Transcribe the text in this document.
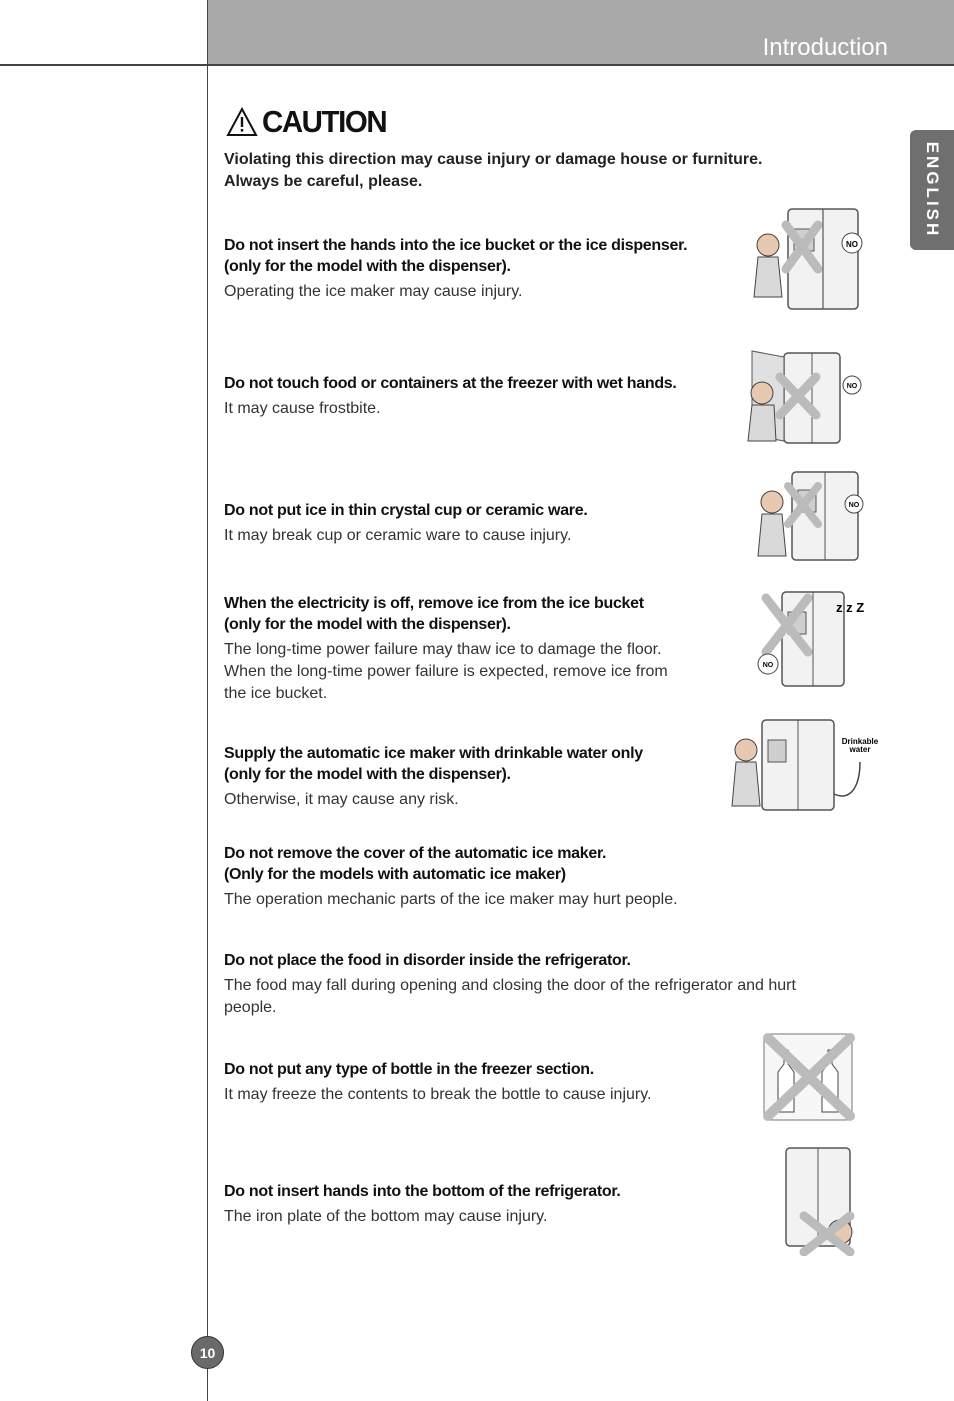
Introduction
ENGLISH
CAUTION
Violating this direction may cause injury or damage house or furniture.
Always be careful, please.
Do not insert the hands into the ice bucket or the ice dispenser.
(only for the model with the dispenser).
Operating the ice maker may cause injury.
Do not touch food or containers at the freezer with wet hands.
It may cause frostbite.
Do not put ice in thin crystal cup or ceramic ware.
It may break cup or ceramic ware to cause injury.
When the electricity is off, remove ice from the ice bucket
(only for the model with the dispenser).
The long-time power failure may thaw ice to damage the floor.
When the long-time power failure is expected, remove ice from
the ice bucket.
Supply the automatic ice maker with drinkable water only
(only for the model with the dispenser).
Otherwise, it may cause any risk.
Do not remove the cover of the automatic ice maker.
(Only for the models with automatic ice maker)
The operation mechanic parts of the ice maker may hurt people.
Do not place the food in disorder inside the refrigerator.
The food may fall during opening and closing the door of the refrigerator and hurt
people.
Do not put any type of bottle in the freezer section.
It may freeze the contents to break the bottle to cause injury.
Do not insert hands into the bottom of the refrigerator.
The iron plate of the bottom may cause injury.
NO
NO
NO
z z Z
NO
Drinkable
water
10
